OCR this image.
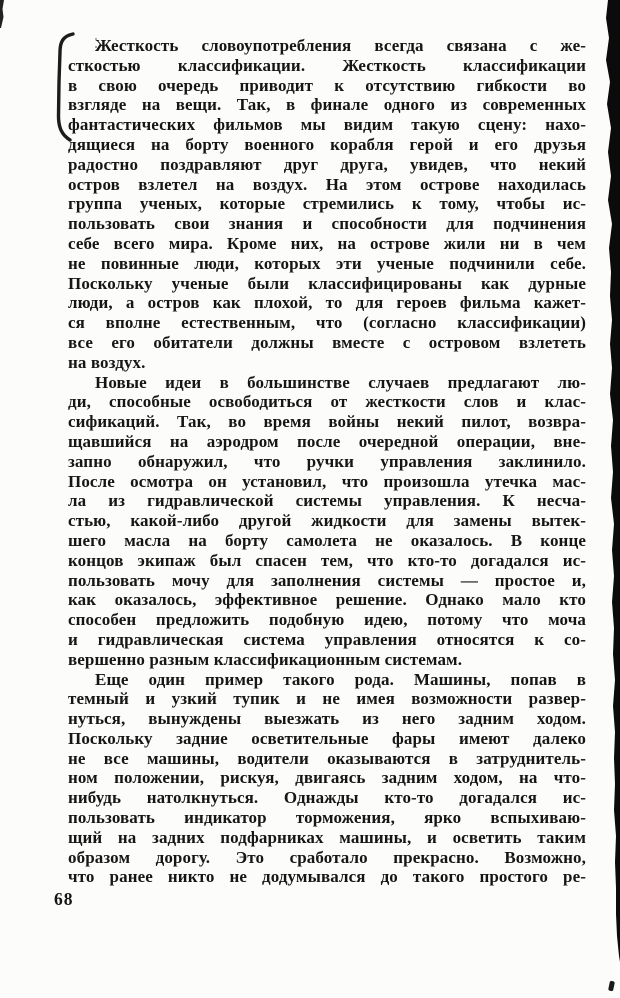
Жесткость словоупотребления всегда связана с же-
сткостью классификации. Жесткость классификации
в свою очередь приводит к отсутствию гибкости во
взгляде на вещи. Так, в финале одного из современных
фантастических фильмов мы видим такую сцену: нахо-
дящиеся на борту военного корабля герой и его друзья
радостно поздравляют друг друга, увидев, что некий
остров взлетел на воздух. На этом острове находилась
группа ученых, которые стремились к тому, чтобы ис-
пользовать свои знания и способности для подчинения
себе всего мира. Кроме них, на острове жили ни в чем
не повинные люди, которых эти ученые подчинили себе.
Поскольку ученые были классифицированы как дурные
люди, а остров как плохой, то для героев фильма кажет-
ся вполне естественным, что (согласно классификации)
все его обитатели должны вместе с островом взлететь
на воздух.
Новые идеи в большинстве случаев предлагают лю-
ди, способные освободиться от жесткости слов и клас-
сификаций. Так, во время войны некий пилот, возвра-
щавшийся на аэродром после очередной операции, вне-
запно обнаружил, что ручки управления заклинило.
После осмотра он установил, что произошла утечка мас-
ла из гидравлической системы управления. К несча-
стью, какой-либо другой жидкости для замены вытек-
шего масла на борту самолета не оказалось. В конце
концов экипаж был спасен тем, что кто-то догадался ис-
пользовать мочу для заполнения системы — простое и,
как оказалось, эффективное решение. Однако мало кто
способен предложить подобную идею, потому что моча
и гидравлическая система управления относятся к со-
вершенно разным классификационным системам.
Еще один пример такого рода. Машины, попав в
темный и узкий тупик и не имея возможности развер-
нуться, вынуждены выезжать из него задним ходом.
Поскольку задние осветительные фары имеют далеко
не все машины, водители оказываются в затруднитель-
ном положении, рискуя, двигаясь задним ходом, на что-
нибудь натолкнуться. Однажды кто-то догадался ис-
пользовать индикатор торможения, ярко вспыхиваю-
щий на задних подфарниках машины, и осветить таким
образом дорогу. Это сработало прекрасно. Возможно,
что ранее никто не додумывался до такого простого ре-
68
